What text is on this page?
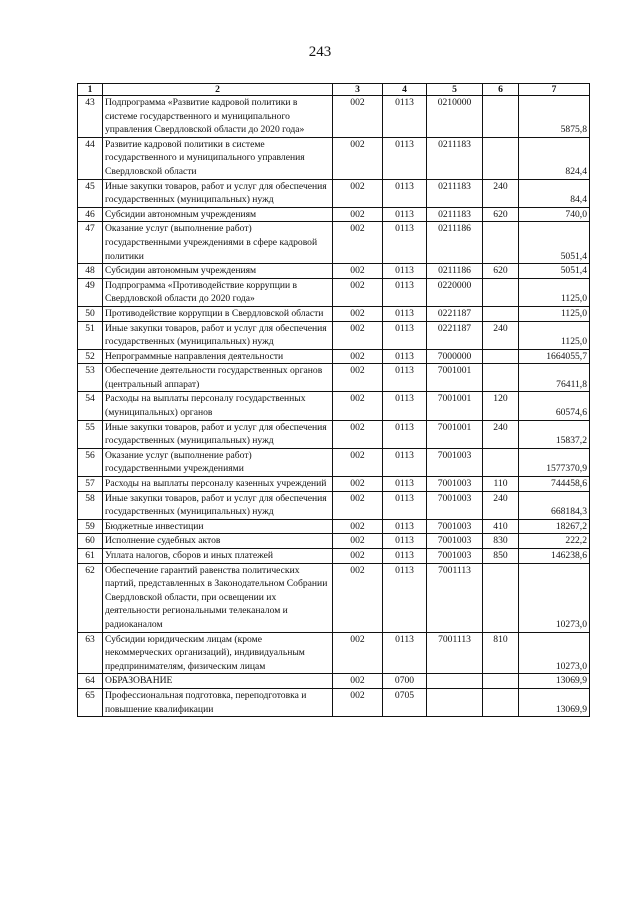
243
1	2	3	4	5	6	7
43	Подпрограмма «Развитие кадровой политики в системе государственного и муниципального управления Свердловской области до 2020 года»	002	0113	0210000		5875,8
44	Развитие кадровой политики в системе государственного и муниципального управления Свердловской области	002	0113	0211183		824,4
45	Иные закупки товаров, работ и услуг для обеспечения государственных (муниципальных) нужд	002	0113	0211183	240	84,4
46	Субсидии автономным учреждениям	002	0113	0211183	620	740,0
47	Оказание услуг (выполнение работ) государственными учреждениями в сфере кадровой политики	002	0113	0211186		5051,4
48	Субсидии автономным учреждениям	002	0113	0211186	620	5051,4
49	Подпрограмма «Противодействие коррупции в Свердловской области до 2020 года»	002	0113	0220000		1125,0
50	Противодействие коррупции в Свердловской области	002	0113	0221187		1125,0
51	Иные закупки товаров, работ и услуг для обеспечения государственных (муниципальных) нужд	002	0113	0221187	240	1125,0
52	Непрограммные направления деятельности	002	0113	7000000		1664055,7
53	Обеспечение деятельности государственных органов (центральный аппарат)	002	0113	7001001		76411,8
54	Расходы на выплаты персоналу государственных (муниципальных) органов	002	0113	7001001	120	60574,6
55	Иные закупки товаров, работ и услуг для обеспечения государственных (муниципальных) нужд	002	0113	7001001	240	15837,2
56	Оказание услуг (выполнение работ) государственными учреждениями	002	0113	7001003		1577370,9
57	Расходы на выплаты персоналу казенных учреждений	002	0113	7001003	110	744458,6
58	Иные закупки товаров, работ и услуг для обеспечения государственных (муниципальных) нужд	002	0113	7001003	240	668184,3
59	Бюджетные инвестиции	002	0113	7001003	410	18267,2
60	Исполнение судебных актов	002	0113	7001003	830	222,2
61	Уплата налогов, сборов и иных платежей	002	0113	7001003	850	146238,6
62	Обеспечение гарантий равенства политических партий, представленных в Законодательном Собрании Свердловской области, при освещении их деятельности региональными телеканалом и радиоканалом	002	0113	7001113		10273,0
63	Субсидии юридическим лицам (кроме некоммерческих организаций), индивидуальным предпринимателям, физическим лицам	002	0113	7001113	810	10273,0
64	ОБРАЗОВАНИЕ	002	0700			13069,9
65	Профессиональная подготовка, переподготовка и повышение квалификации	002	0705			13069,9
